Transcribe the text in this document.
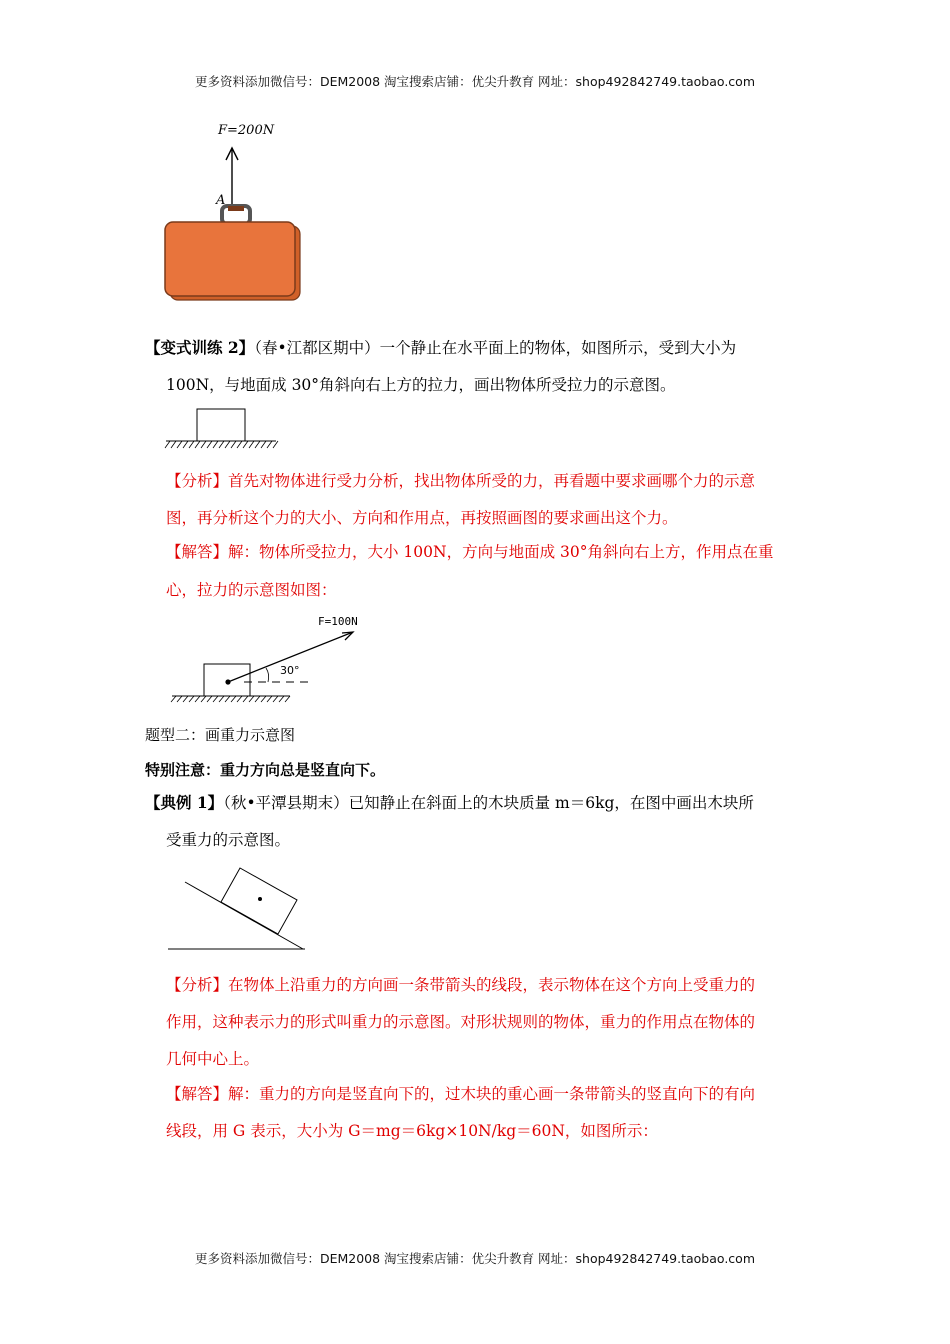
更多资料添加微信号：DEM2008 淘宝搜索店铺：优尖升教育 网址：shop492842749.taobao.com
F=200N
A
【变式训练 2】（春•江都区期中）一个静止在水平面上的物体，如图所示，受到大小为
100N，与地面成 30°角斜向右上方的拉力，画出物体所受拉力的示意图。
【分析】首先对物体进行受力分析，找出物体所受的力，再看题中要求画哪个力的示意
图，再分析这个力的大小、方向和作用点，再按照画图的要求画出这个力。
【解答】解：物体所受拉力，大小 100N，方向与地面成 30°角斜向右上方，作用点在重
心，拉力的示意图如图：
F=100N
30°
题型二：画重力示意图
特别注意：重力方向总是竖直向下。
【典例 1】（秋•平潭县期末）已知静止在斜面上的木块质量 m＝6kg，在图中画出木块所
受重力的示意图。
【分析】在物体上沿重力的方向画一条带箭头的线段，表示物体在这个方向上受重力的
作用，这种表示力的形式叫重力的示意图。对形状规则的物体，重力的作用点在物体的
几何中心上。
【解答】解：重力的方向是竖直向下的，过木块的重心画一条带箭头的竖直向下的有向
线段，用 G 表示，大小为 G＝mg＝6kg×10N/kg＝60N，如图所示：
更多资料添加微信号：DEM2008 淘宝搜索店铺：优尖升教育 网址：shop492842749.taobao.com
